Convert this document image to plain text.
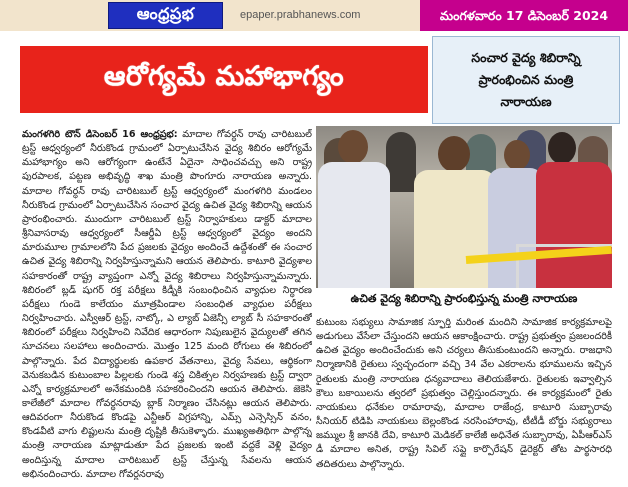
ఆంధ్రప్రభ	epaper.prabhanews.com	మంగళవారం 17 డిసెంబర్ 2024
ఆరోగ్యమే మహాభాగ్యం
సంచార వైద్య శిబిరాన్ని
ప్రారంభించిన మంత్రి
నారాయణ
ఉచిత వైద్య శిబిరాన్ని ప్రారంభిస్తున్న మంత్రి నారాయణ
మంగళగిరి టౌన్ డిసెంబర్ 16 ఆంధ్రప్రభ: మాదాల గోవర్ధన్ రావు చారిటబుల్ ట్రస్ట్ ఆధ్వర్యంలో నీరుకొండ గ్రామంలో ఏర్పాటుచేసిన వైద్య శిబిరం ఆరోగ్యమే మహాభాగ్యం అని ఆరోగ్యంగా ఉంటేనే ఏదైనా సాధించవచ్చు అని రాష్ట్ర పురపాలక, పట్టణ అభివృద్ధి శాఖ మంత్రి పొంగూరు నారాయణ అన్నారు. మాదాల గోవర్ధన్ రావు చారిటబుల్ ట్రస్ట్ ఆధ్వర్యంలో మంగళగిరి మండలం నీరుకొండ గ్రామంలో ఏర్పాటుచేసిన సంచార వైద్య ఉచిత వైద్య శిబిరాన్ని ఆయన ప్రారంభించారు. ముందుగా చారిటబుల్ ట్రస్ట్ నిర్వాహకులు డాక్టర్ మాదాల శ్రీనివాసరావు ఆధ్వర్యంలో సీఆర్డీఏ ట్రస్ట్ ఆధ్వర్యంలో వైద్యం అందని మారుమూల గ్రామాలలోని పేద ప్రజలకు వైద్యం అందించే ఉద్దేశంతో ఈ సంచార ఉచిత వైద్య శిబిరాన్ని నిర్వహిస్తున్నామని ఆయన తెలిపారు. కాటూరి వైద్యశాల సహకారంతో రాష్ట్ర వ్యాప్తంగా ఎన్నో వైద్య శిబిరాలు నిర్వహిస్తున్నామన్నారు. శిబిరంలో బ్లడ్ షుగర్ రక్త పరీక్షలు కిడ్నీకి సంబంధించిన వ్యాధుల నిర్ధారణ పరీక్షలు గుండె కాలేయం మూత్రపిండాల సంబంధిత వ్యాధుల పరీక్షలు నిర్వహించారు. ఎస్వీఆర్ ట్రస్ట్, నాట్కో, ఎ ల్యాబ్ ఏజెన్సీ ల్యాబ్ సీ సహకారంతో శిబిరంలో పరీక్షలు నిర్వహించి నివేదిక ఆధారంగా నిపుణులైన వైద్యులతో తగిన సూచనలు సలహాలు అందించారు. మొత్తం 125 మంది రోగులు ఈ శిబిరంలో పాల్గొన్నారు. పేద విద్యార్థులకు ఉపకార వేతనాలు, వైద్య సేవలు, ఆర్థికంగా వెనుకబడిన కుటుంబాల పిల్లలకు గుండె శస్త్ర చికిత్సల నిర్వహణకు ట్రస్ట్ ద్వారా ఎన్నో కార్యక్రమాలలో అనేకమందికి సహకరించిందని ఆయన తెలిపారు. జెకెసి కాలేజీలో మాదాల గోవర్ధనరావు బ్లాక్ నిర్మాణం చేసినట్లు ఆయన తెలిపారు. ఆదివరంగా నీరుకొండ కొండపై ఎన్టీఆర్ విగ్రహాన్ని, ఎమ్స్ ఎన్సెస్సిన్ వనం, కొండవీటి వాగు లిప్టులను మంత్రి దృష్టికి తీసుకెళ్ళారు. ముఖ్యఅతిథిగా పాల్గొన్న మంత్రి నారాయణ మాట్లాడుతూ పేద ప్రజలకు ఇంటి వద్దకే వెళ్లి వైద్యం అందిస్తున్న మాదాల చారిటబుల్ ట్రస్ట్ చేస్తున్న సేవలను ఆయన అభినందించారు. మాదాల గోవర్ధనరావు
కుటుంబ సభ్యులు సామాజిక స్ఫూర్తి మరింత మందిని సామాజిక కార్యక్రమాలపై అడుగులు వేసేలా చేస్తుందని ఆయన ఆకాంక్షించారు. రాష్ట్ర ప్రభుత్వం ప్రజలందరికీ ఉచిత వైద్యం అందించేందుకు అని చర్యలు తీసుకుంటుందని అన్నారు. రాజధాని నిర్మాణానికి రైతులు స్వచ్ఛందంగా వచ్చి 34 వేల ఎకరాలను భూములను ఇచ్చిన రైతులకు మంత్రి నారాయణ ధన్యవాదాలు తెలియజేశారు. రైతులకు ఇవ్వాల్సిన కౌలు బకాయిలను త్వరలో ప్రభుత్వం చెల్లిస్తుందన్నారు. ఈ కార్యక్రమంలో రైతు నాయకులు ధనేకుల రామారావు, మాదాల రాజేంద్ర, కాటూరి సుబ్బారావు సీనియర్ టిడిపి నాయకులు బెల్లంకొండ నరసింహారావు, టీటీడీ బోర్డు సభ్యురాలు జమ్ముల శ్రీ జానకి దేవి, కాటూరి మెడికల్ కాలేజీ అధినేత సుబ్బారావు, ఏపీఆర్ఎస్ డీ మాదాల అనిత, రాష్ట్ర సివిల్ సప్లై కార్పొరేషన్ డైరెక్టర్ తోట పార్థసారధి తదితరులు పాల్గొన్నారు.
